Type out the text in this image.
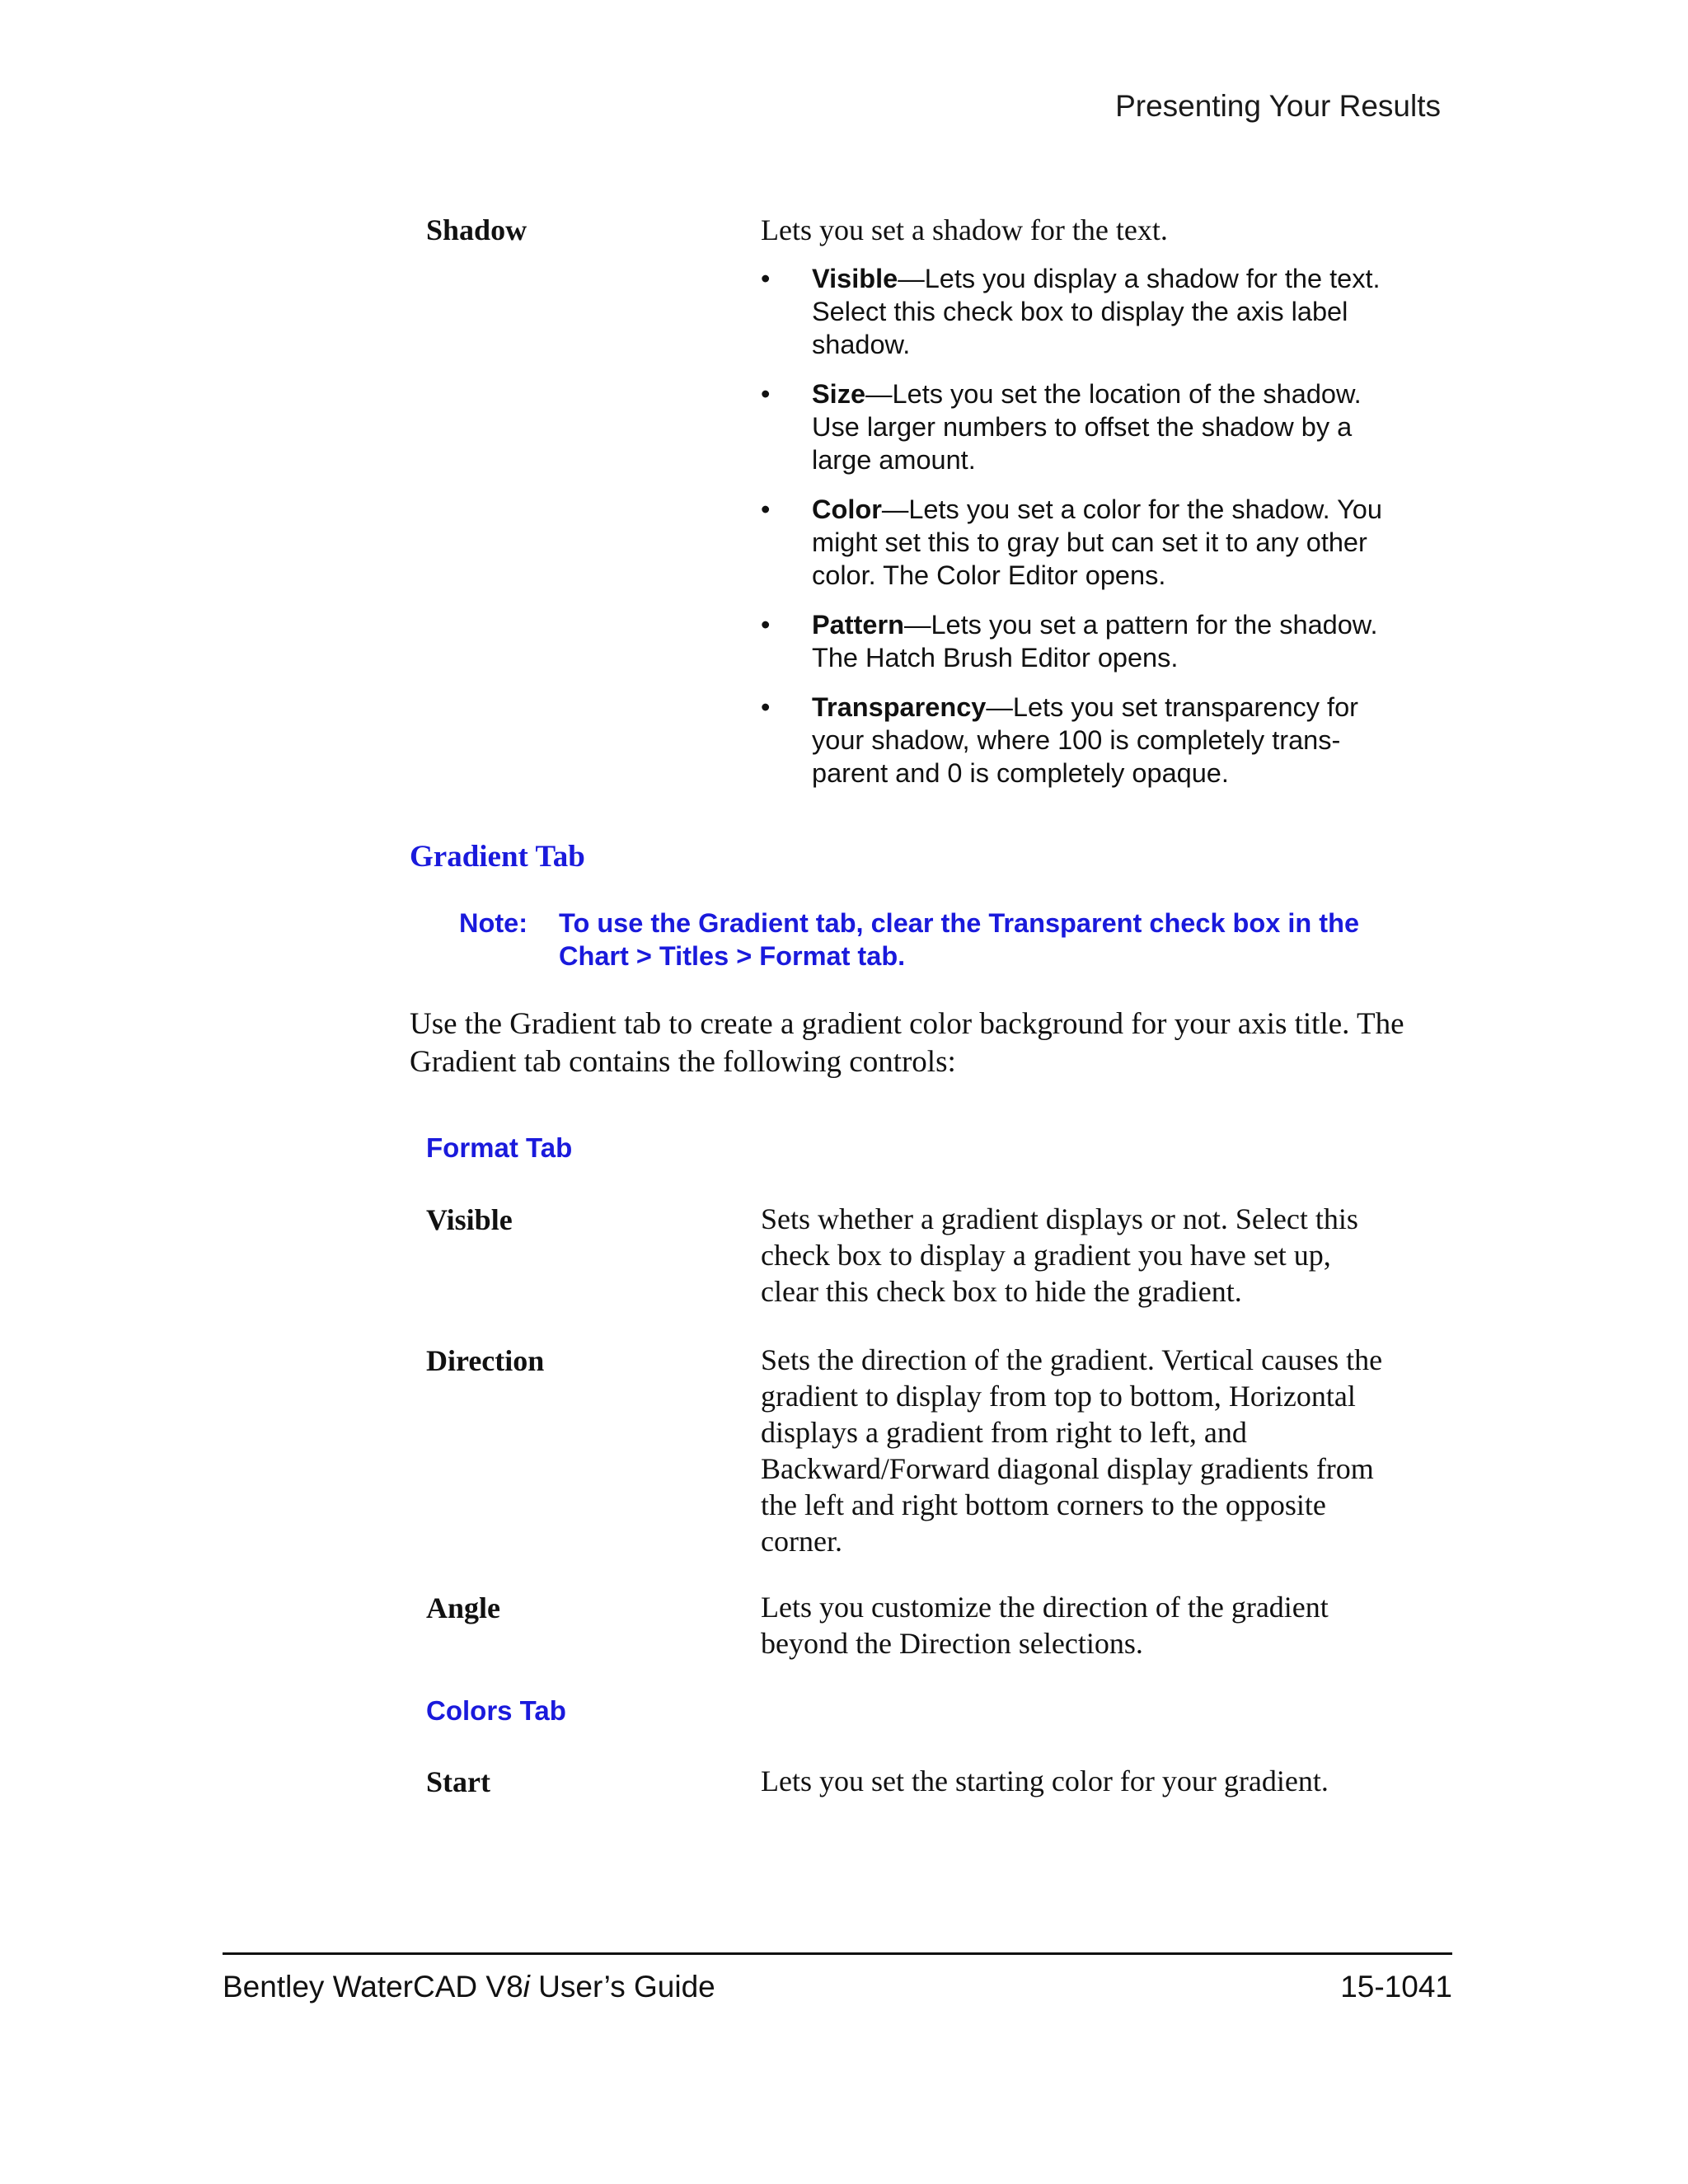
Presenting Your Results
Shadow	Lets you set a shadow for the text.
• Visible—Lets you display a shadow for the text. Select this check box to display the axis label shadow.
• Size—Lets you set the location of the shadow. Use larger numbers to offset the shadow by a large amount.
• Color—Lets you set a color for the shadow. You might set this to gray but can set it to any other color. The Color Editor opens.
• Pattern—Lets you set a pattern for the shadow. The Hatch Brush Editor opens.
• Transparency—Lets you set transparency for your shadow, where 100 is completely trans-parent and 0 is completely opaque.
Gradient Tab
Note: To use the Gradient tab, clear the Transparent check box in the Chart > Titles > Format tab.
Use the Gradient tab to create a gradient color background for your axis title. The Gradient tab contains the following controls:
Format Tab
Visible	Sets whether a gradient displays or not. Select this check box to display a gradient you have set up, clear this check box to hide the gradient.
Direction	Sets the direction of the gradient. Vertical causes the gradient to display from top to bottom, Horizontal displays a gradient from right to left, and Backward/Forward diagonal display gradients from the left and right bottom corners to the opposite corner.
Angle	Lets you customize the direction of the gradient beyond the Direction selections.
Colors Tab
Start	Lets you set the starting color for your gradient.
Bentley WaterCAD V8i User’s Guide	15-1041
